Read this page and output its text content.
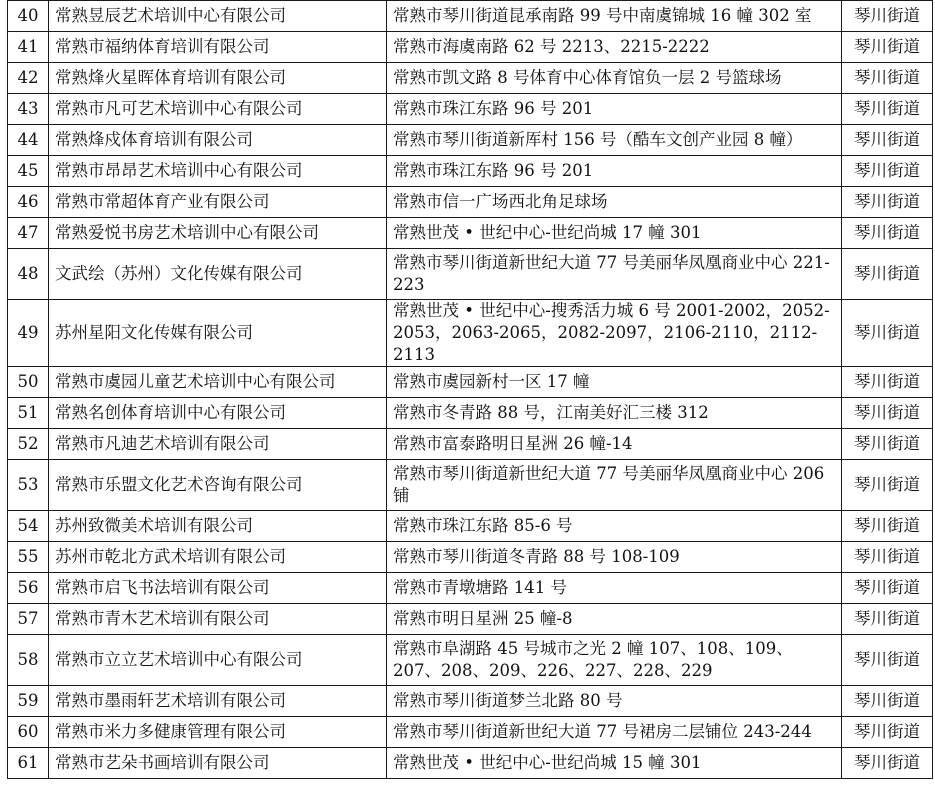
40	常熟昱辰艺术培训中心有限公司	常熟市琴川街道昆承南路 99 号中南虞锦城 16 幢 302 室	琴川街道
41	常熟市福纳体育培训有限公司	常熟市海虞南路 62 号 2213、2215-2222	琴川街道
42	常熟烽火星晖体育培训有限公司	常熟市凯文路 8 号体育中心体育馆负一层 2 号篮球场	琴川街道
43	常熟市凡可艺术培训中心有限公司	常熟市珠江东路 96 号 201	琴川街道
44	常熟烽戍体育培训有限公司	常熟市琴川街道新厍村 156 号（酷车文创产业园 8 幢）	琴川街道
45	常熟市昂昂艺术培训中心有限公司	常熟市珠江东路 96 号 201	琴川街道
46	常熟市常超体育产业有限公司	常熟市信一广场西北角足球场	琴川街道
47	常熟爱悦书房艺术培训中心有限公司	常熟世茂 • 世纪中心-世纪尚城 17 幢 301	琴川街道
48	文武绘（苏州）文化传媒有限公司	常熟市琴川街道新世纪大道 77 号美丽华凤凰商业中心 221-223	琴川街道
49	苏州星阳文化传媒有限公司	常熟世茂 • 世纪中心-搜秀活力城 6 号 2001-2002，2052-2053，2063-2065，2082-2097，2106-2110，2112-2113	琴川街道
50	常熟市虞园儿童艺术培训中心有限公司	常熟市虞园新村一区 17 幢	琴川街道
51	常熟名创体育培训中心有限公司	常熟市冬青路 88 号，江南美好汇三楼 312	琴川街道
52	常熟市凡迪艺术培训有限公司	常熟市富泰路明日星洲 26 幢-14	琴川街道
53	常熟市乐盟文化艺术咨询有限公司	常熟市琴川街道新世纪大道 77 号美丽华凤凰商业中心 206 铺	琴川街道
54	苏州致微美术培训有限公司	常熟市珠江东路 85-6 号	琴川街道
55	苏州市乾北方武术培训有限公司	常熟市琴川街道冬青路 88 号 108-109	琴川街道
56	常熟市启飞书法培训有限公司	常熟市青墩塘路 141 号	琴川街道
57	常熟市青木艺术培训有限公司	常熟市明日星洲 25 幢-8	琴川街道
58	常熟市立立艺术培训中心有限公司	常熟市阜湖路 45 号城市之光 2 幢 107、108、109、207、208、209、226、227、228、229	琴川街道
59	常熟市墨雨轩艺术培训有限公司	常熟市琴川街道梦兰北路 80 号	琴川街道
60	常熟市米力多健康管理有限公司	常熟市琴川街道新世纪大道 77 号裙房二层铺位 243-244	琴川街道
61	常熟市艺朵书画培训有限公司	常熟世茂 • 世纪中心-世纪尚城 15 幢 301	琴川街道
